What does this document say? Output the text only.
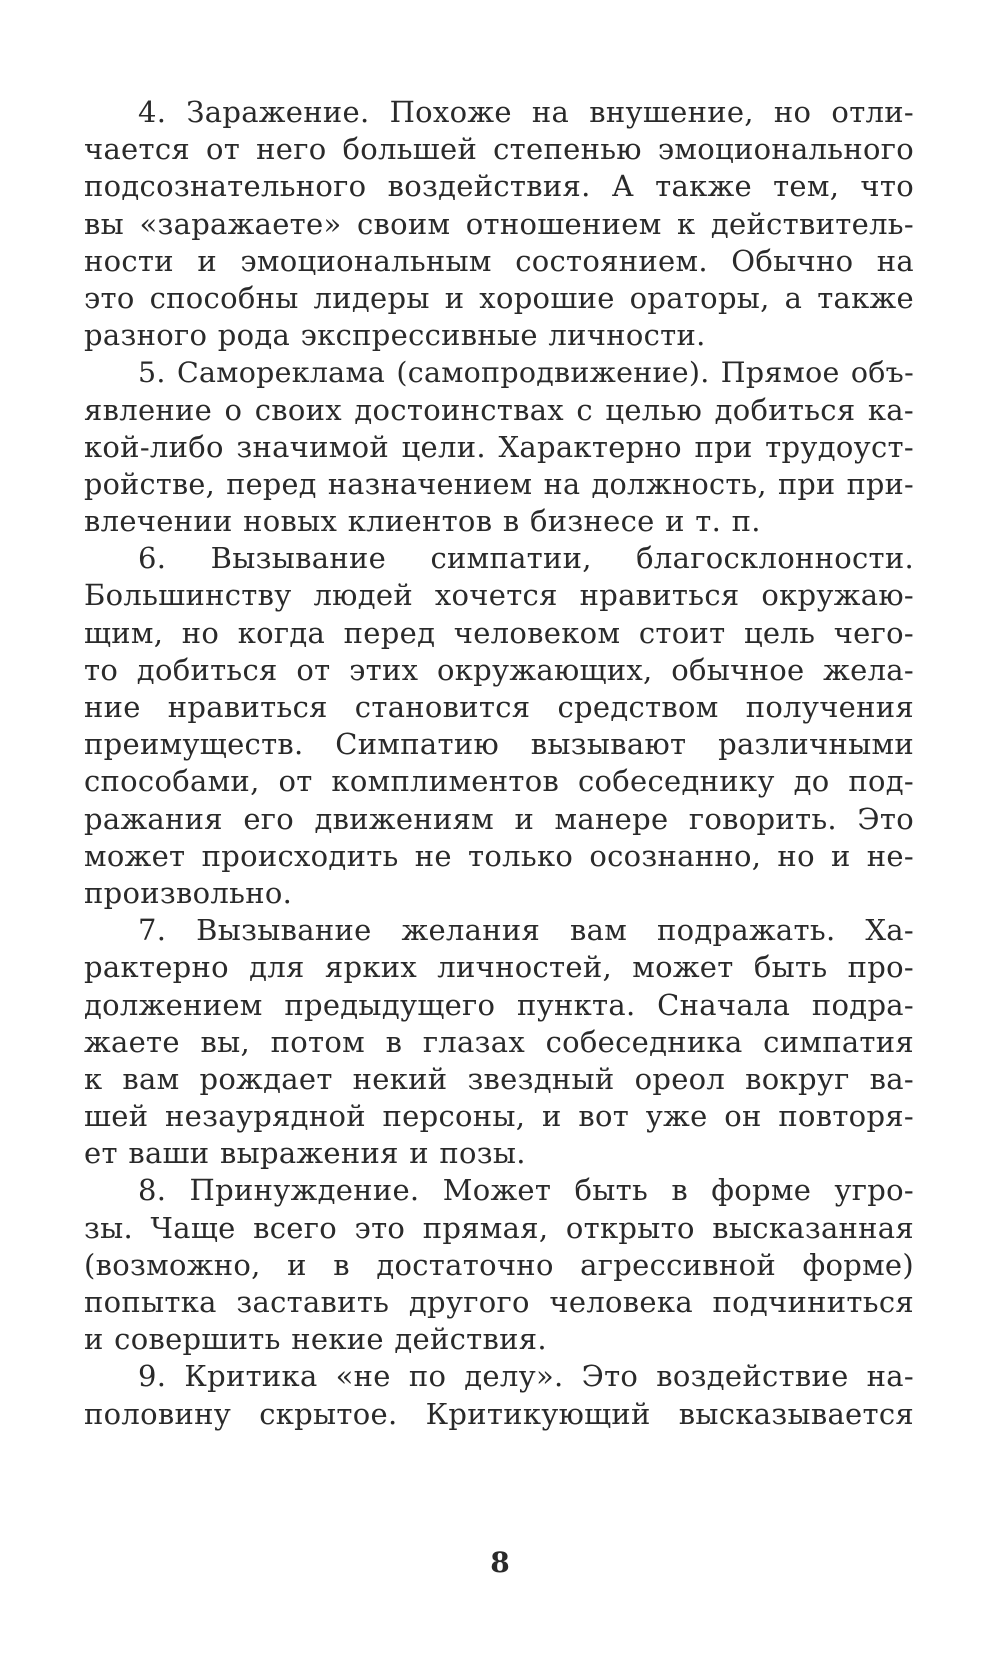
4. Заражение. Похоже на внушение, но отли-
чается от него большей степенью эмоционального
подсознательного воздействия. А также тем, что
вы «заражаете» своим отношением к действитель-
ности и эмоциональным состоянием. Обычно на
это способны лидеры и хорошие ораторы, а также
разного рода экспрессивные личности.
5. Самореклама (самопродвижение). Прямое объ-
явление о своих достоинствах с целью добиться ка-
кой-либо значимой цели. Характерно при трудоуст-
ройстве, перед назначением на должность, при при-
влечении новых клиентов в бизнесе и т. п.
6. Вызывание симпатии, благосклонности.
Большинству людей хочется нравиться окружаю-
щим, но когда перед человеком стоит цель чего-
то добиться от этих окружающих, обычное жела-
ние нравиться становится средством получения
преимуществ. Симпатию вызывают различными
способами, от комплиментов собеседнику до под-
ражания его движениям и манере говорить. Это
может происходить не только осознанно, но и не-
произвольно.
7. Вызывание желания вам подражать. Ха-
рактерно для ярких личностей, может быть про-
должением предыдущего пункта. Сначала подра-
жаете вы, потом в глазах собеседника симпатия
к вам рождает некий звездный ореол вокруг ва-
шей незаурядной персоны, и вот уже он повторя-
ет ваши выражения и позы.
8. Принуждение. Может быть в форме угро-
зы. Чаще всего это прямая, открыто высказанная
(возможно, и в достаточно агрессивной форме)
попытка заставить другого человека подчиниться
и совершить некие действия.
9. Критика «не по делу». Это воздействие на-
половину скрытое. Критикующий высказывается
8
